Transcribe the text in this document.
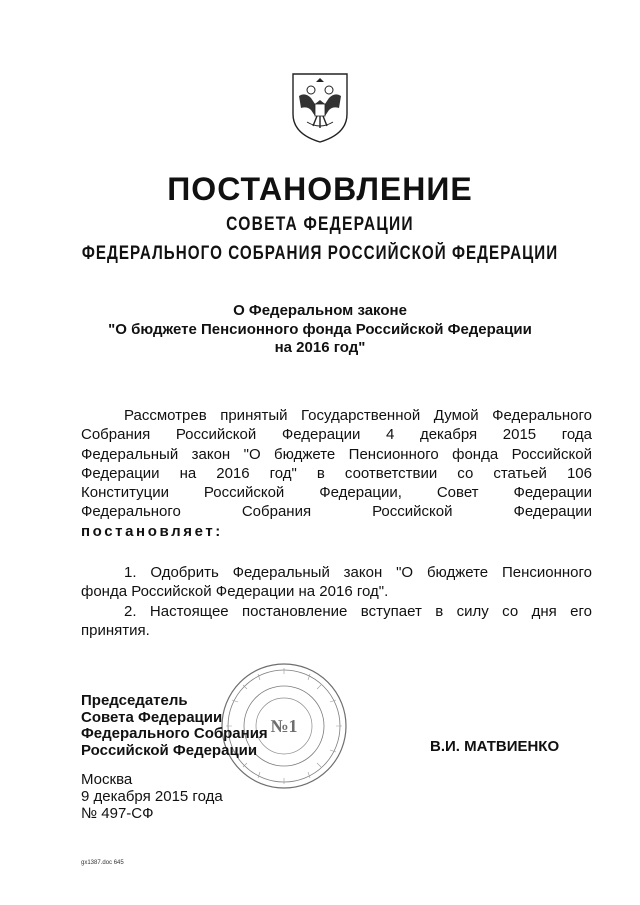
ПОСТАНОВЛЕНИЕ
СОВЕТА ФЕДЕРАЦИИ
ФЕДЕРАЛЬНОГО СОБРАНИЯ РОССИЙСКОЙ ФЕДЕРАЦИИ
О Федеральном законе
"О бюджете Пенсионного фонда Российской Федерации
на 2016 год"
Рассмотрев принятый Государственной Думой Федерального
Собрания Российской Федерации 4 декабря 2015 года
Федеральный закон "О бюджете Пенсионного фонда Российской
Федерации на 2016 год" в соответствии со статьей 106
Конституции Российской Федерации, Совет Федерации
Федерального Собрания Российской Федерации
постановляет:
1. Одобрить Федеральный закон "О бюджете Пенсионного
фонда Российской Федерации на 2016 год".
2. Настоящее постановление вступает в силу со дня его
принятия.
№1
Председатель
Совета Федерации
Федерального Собрания
Российской Федерации	В.И. МАТВИЕНКО
Москва
9 декабря 2015 года
№ 497-СФ
gx1387.doc 645
